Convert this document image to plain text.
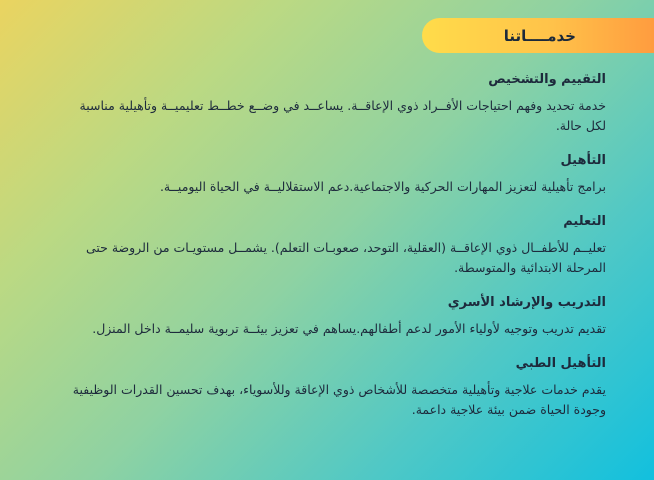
خدمــــاتنا
التقييم والتشخيص
خدمة تحديد وفهم احتياجات الأفــراد ذوي الإعاقــة. يساعــد في وضــع خطــط تعليميــة وتأهيلية مناسبة لكل حالة.
التأهيل
برامج تأهيلية لتعزيز المهارات الحركية والاجتماعية.دعم الاستقلاليــة في الحياة اليوميــة.
التعليم
تعليــم للأطفــال ذوي الإعاقــة (العقلية، التوحد، صعوبـات التعلم). يشمــل مستويـات من الروضة حتى المرحلة الابتدائية والمتوسطة.
التدريب والإرشاد الأسري
تقديم تدريب وتوجيه لأولياء الأمور لدعم أطفالهم.يساهم في تعزيز بيئــة تربوية سليمــة داخل المنزل.
التأهيل الطبي
يقدم خدمات علاجية وتأهيلية متخصصة للأشخاص ذوي الإعاقة وللأسوياء، بهدف تحسين القدرات الوظيفية وجودة الحياة ضمن بيئة علاجية داعمة.
